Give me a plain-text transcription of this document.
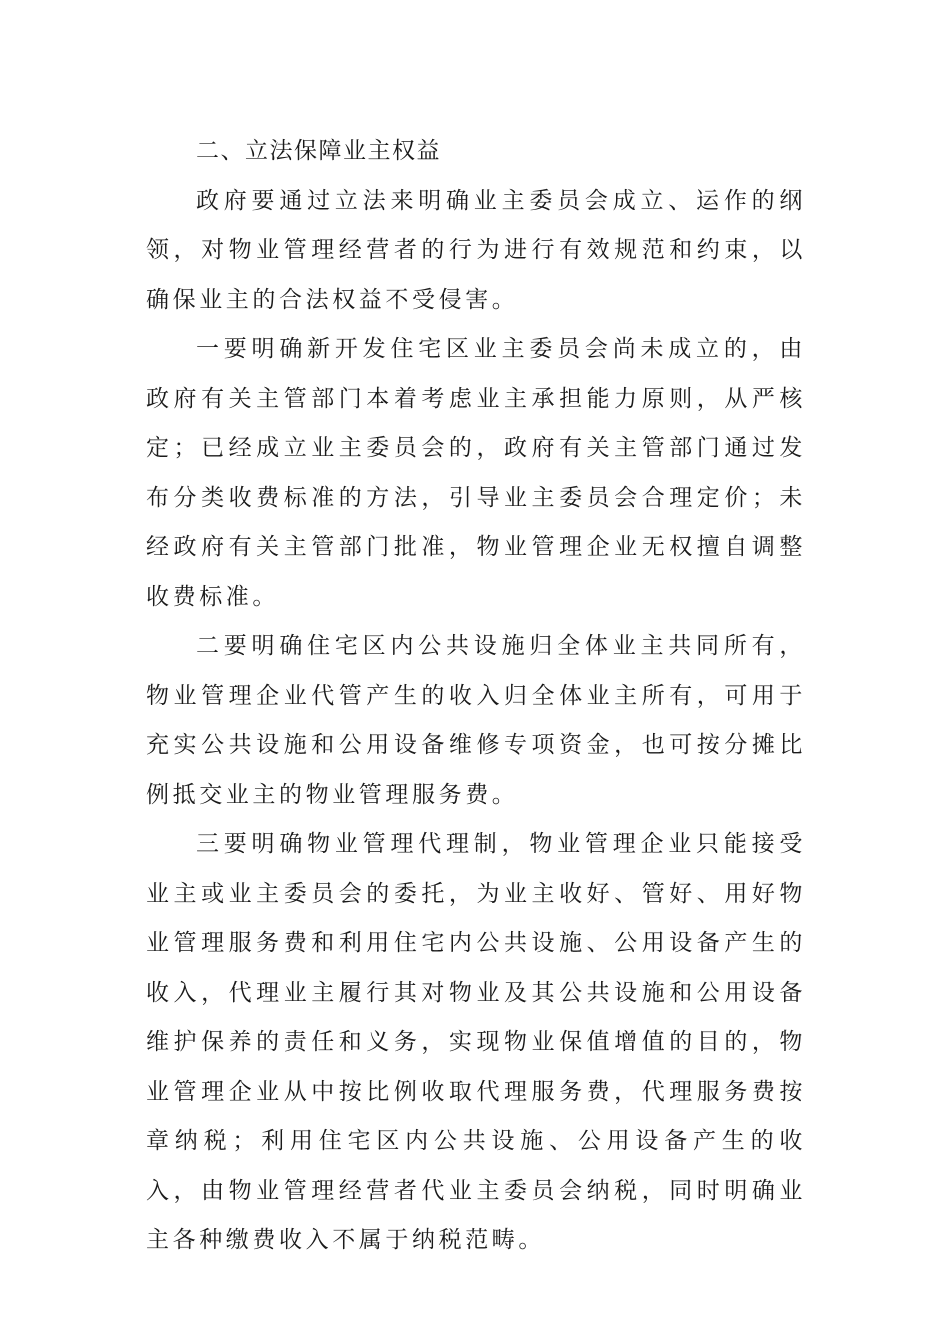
二、立法保障业主权益

政府要通过立法来明确业主委员会成立、运作的纲领，对物业管理经营者的行为进行有效规范和约束，以确保业主的合法权益不受侵害。

一要明确新开发住宅区业主委员会尚未成立的，由政府有关主管部门本着考虑业主承担能力原则，从严核定；已经成立业主委员会的，政府有关主管部门通过发布分类收费标准的方法，引导业主委员会合理定价；未经政府有关主管部门批准，物业管理企业无权擅自调整收费标准。

二要明确住宅区内公共设施归全体业主共同所有，物业管理企业代管产生的收入归全体业主所有，可用于充实公共设施和公用设备维修专项资金，也可按分摊比例抵交业主的物业管理服务费。

三要明确物业管理代理制，物业管理企业只能接受业主或业主委员会的委托，为业主收好、管好、用好物业管理服务费和利用住宅内公共设施、公用设备产生的收入，代理业主履行其对物业及其公共设施和公用设备维护保养的责任和义务，实现物业保值增值的目的，物业管理企业从中按比例收取代理服务费，代理服务费按章纳税；利用住宅区内公共设施、公用设备产生的收入，由物业管理经营者代业主委员会纳税，同时明确业主各种缴费收入不属于纳税范畴。
